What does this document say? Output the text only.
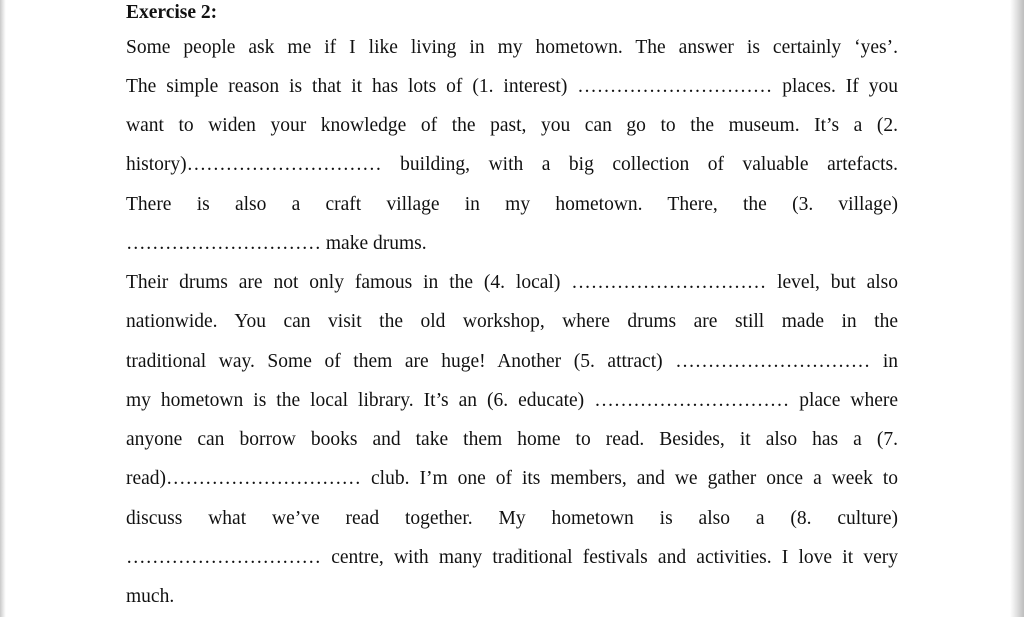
Exercise 2:
Some people ask me if I like living in my hometown. The answer is certainly ‘yes’.
The simple reason is that it has lots of (1. interest) ………………………… places. If you
want to widen your knowledge of the past, you can go to the museum. It’s a (2.
history)………………………… building, with a big collection of valuable artefacts.
There is also a craft village in my hometown. There, the (3. village)
………………………… make drums.
Their drums are not only famous in the (4. local) ………………………… level, but also
nationwide. You can visit the old workshop, where drums are still made in the
traditional way. Some of them are huge! Another (5. attract) ………………………… in
my hometown is the local library. It’s an (6. educate) ………………………… place where
anyone can borrow books and take them home to read. Besides, it also has a (7.
read)………………………… club. I’m one of its members, and we gather once a week to
discuss what we’ve read together. My hometown is also a (8. culture)
………………………… centre, with many traditional festivals and activities. I love it very
much.
